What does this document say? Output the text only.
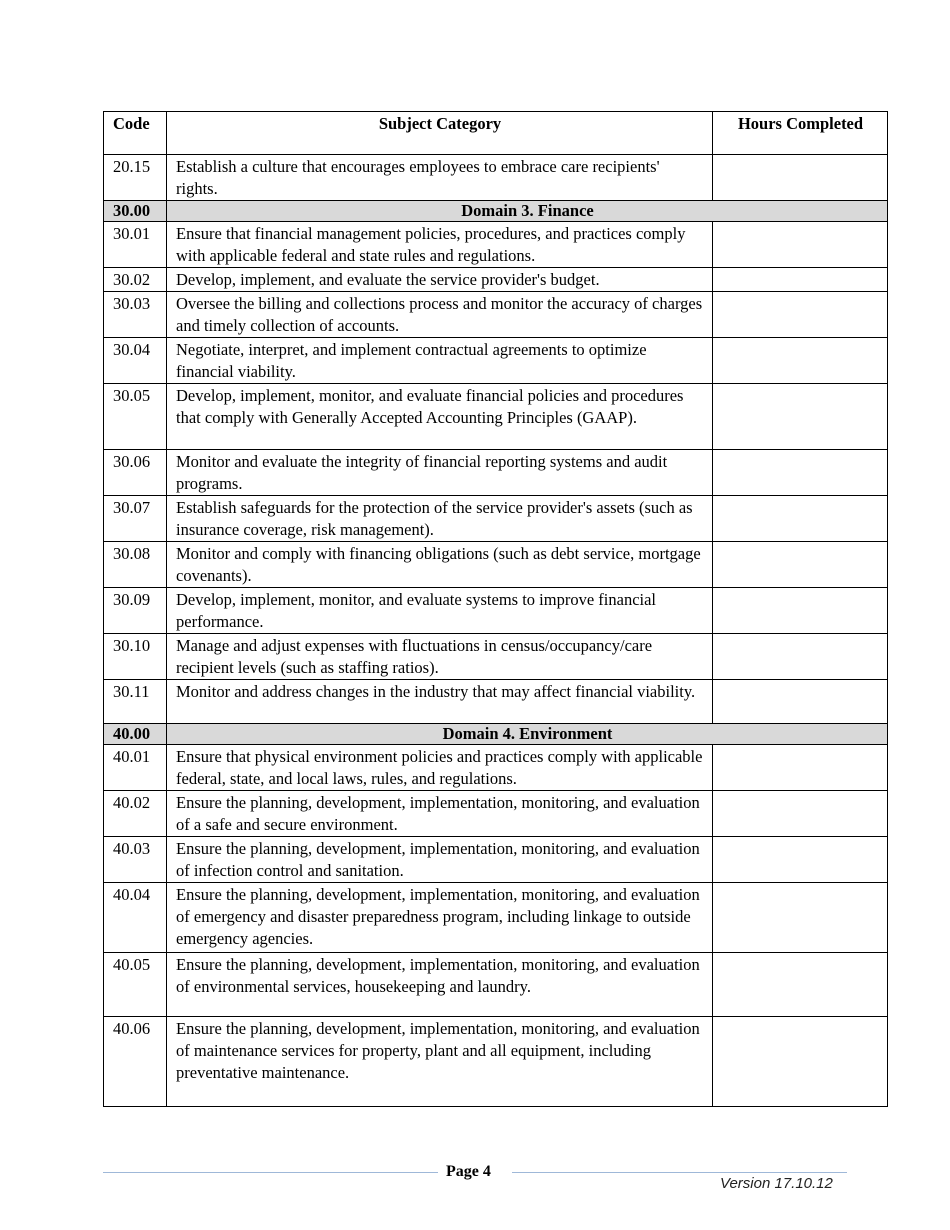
Code	Subject Category	Hours Completed
20.15	Establish a culture that encourages employees to embrace care recipients' rights.	
30.00	Domain 3. Finance	
30.01	Ensure that financial management policies, procedures, and practices comply with applicable federal and state rules and regulations.	
30.02	Develop, implement, and evaluate the service provider's budget.	
30.03	Oversee the billing and collections process and monitor the accuracy of charges and timely collection of accounts.	
30.04	Negotiate, interpret, and implement contractual agreements to optimize financial viability.	
30.05	Develop, implement, monitor, and evaluate financial policies and procedures that comply with Generally Accepted Accounting Principles (GAAP).	
30.06	Monitor and evaluate the integrity of financial reporting systems and audit programs.	
30.07	Establish safeguards for the protection of the service provider's assets (such as insurance coverage, risk management).	
30.08	Monitor and comply with financing obligations (such as debt service, mortgage covenants).	
30.09	Develop, implement, monitor, and evaluate systems to improve financial performance.	
30.10	Manage and adjust expenses with fluctuations in census/occupancy/care recipient levels (such as staffing ratios).	
30.11	Monitor and address changes in the industry that may affect financial viability.	
40.00	Domain 4. Environment	
40.01	Ensure that physical environment policies and practices comply with applicable federal, state, and local laws, rules, and regulations.	
40.02	Ensure the planning, development, implementation, monitoring, and evaluation of a safe and secure environment.	
40.03	Ensure the planning, development, implementation, monitoring, and evaluation of infection control and sanitation.	
40.04	Ensure the planning, development, implementation, monitoring, and evaluation of emergency and disaster preparedness program, including linkage to outside emergency agencies.	
40.05	Ensure the planning, development, implementation, monitoring, and evaluation of environmental services, housekeeping and laundry.	
40.06	Ensure the planning, development, implementation, monitoring, and evaluation of maintenance services for property, plant and all equipment, including preventative maintenance.	
Page 4
Version 17.10.12
